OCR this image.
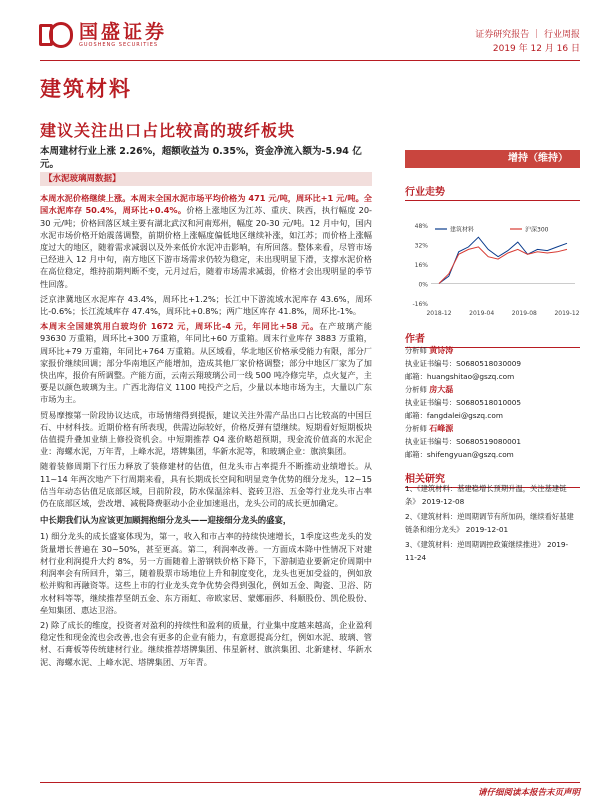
国盛证券
GUOSHENG SECURITIES
证券研究报告 ｜ 行业周报
2019 年 12 月 16 日
建筑材料
建议关注出口占比较高的玻纤板块
本周建材行业上涨 2.26%，超额收益为 0.35%，资金净流入额为-5.94 亿元。
【水泥玻璃周数据】

本周水泥价格继续上涨。本周末全国水泥市场平均价格为 471 元/吨，周环比+1 元/吨。全国水泥库存 50.4%，周环比+0.4%。价格上涨地区为江苏、重庆、陕西，执行幅度 20-30 元/吨；价格回落区域主要有湖北武汉和河南郑州，幅度 20-30 元/吨。12 月中旬，国内水泥市场价格开始震荡调整，前期价格上涨幅度偏低地区继续补涨，如江苏；而价格上涨幅度过大的地区，随着需求减弱以及外来低价水泥冲击影响，有所回落。整体来看，尽管市场已经进入 12 月中旬，南方地区下游市场需求仍较为稳定，未出现明显下滑，支撑水泥价格在高位稳定，维持前期判断不变，元月过后，随着市场需求减弱，价格才会出现明显的季节性回落。

泛京津冀地区水泥库存 43.4%，周环比+1.2%；长江中下游流域水泥库存 43.6%，周环比-0.6%；长江流域库存 47.4%，周环比+0.8%；两广地区库存 41.8%，周环比-1%。

本周末全国建筑用白玻均价 1672 元，周环比-4 元，年同比+58 元。在产玻璃产能 93630 万重箱，周环比+300 万重箱，年同比+60 万重箱。周末行业库存 3883 万重箱，周环比+79 万重箱，年同比+764 万重箱。从区域看，华北地区价格承受能力有限，部分厂家报价继续回调；部分华南地区产能增加，造成其他厂家价格调整；部分中地区厂家为了加快出库，报价有所调整。产能方面，云南云翔玻璃公司一线 500 吨冷修完毕，点火复产，主要是以颜色玻璃为主。广西北海信义 1100 吨投产之后，少量以本地市场为主，大量以广东市场为主。

贸易摩擦第一阶段协议达成，市场情绪得到提振，建议关注外需产品出口占比较高的中国巨石、中材科技。近期价格有所表现，供需边际较好，价格反弹有望继续。短期看好短期板块估值提升叠加业绩上修投资机会。中短期推荐 Q4 涨价略超预期，现金流价值高的水泥企业：海螺水泥，万年青，上峰水泥，塔牌集团，华新水泥等，和玻璃企业：旗滨集团。

随着装修周期下行压力释放了装修建材的估值，但龙头市占率提升不断推动业绩增长。从 11~14 年两次地产下行周期来看，具有长期成长空间和明显竞争优势的细分龙头，12~15 估当年动态估值足底部区域，目前阶段，防水保温涂料、瓷砖卫浴、五金等行业龙头市占率仍在底部区域，尝改增、减税降费驱动小企业加速退出，龙头公司的成长更加确定。

中长期我们认为应该更加顾拥抱细分龙头——迎接细分龙头的盛宴，

1) 细分龙头的成长盛宴体现为，第一，收入和市占率的持续快速增长，1季度这些龙头的发货量增长普遍在 30~50%，甚至更高。第二，利润率改善。一方面成本降中性情况下对建材行业利润提升大约 8%，另一方面随着上游钢铁价格下降下，下游制造业要新定价周期中利润率会有所回升，第三，随着股票市场地位上升和制度变化，龙头也更加受益的，例如放松并购和再融资等。这些上市的行业龙头竞争优势会得到强化，例如五金、陶瓷、卫浴、防水材料等等，继续推荐坚朗五金、东方雨虹、帝欧家居、蒙娜丽莎、科顺股份、凯伦股份、垒知集团、惠达卫浴。

2) 除了成长的维度，投资者对盈利的持续性和盈利的质量，行业集中度越来越高，企业盈利稳定性和现金流也会改善,也会有更多的企业有能力，有意愿提高分红，例如水泥、玻璃、管材、石膏板等传统建材行业。继续推荐塔牌集团、伟星新材、旗滨集团、北新建材、华新水泥、海螺水泥、上峰水泥、塔牌集团、万年青。

增持（维持）
行业走势
48%
32%
16%
0%
-16%
2018-12	2019-04	2019-08	2019-12
建筑材料	沪深300
作者
分析师 黄诗涛
执业证书编号：S0680518030009
邮箱：huangshitao@gszq.com
分析师 房大磊
执业证书编号：S0680518010005
邮箱：fangdalei@gszq.com
分析师 石峰源
执业证书编号：S0680519080001
邮箱：shifengyuan@gszq.com
相关研究
1、《建筑材料：基建稳增长预期升温，关注基建链条》 2019-12-08
2、《建筑材料：逆周期调节有所加码，继续看好基建链条和细分龙头》 2019-12-01
3、《建筑材料：逆周期调控政策继续推进》 2019-11-24
请仔细阅读本报告末页声明
